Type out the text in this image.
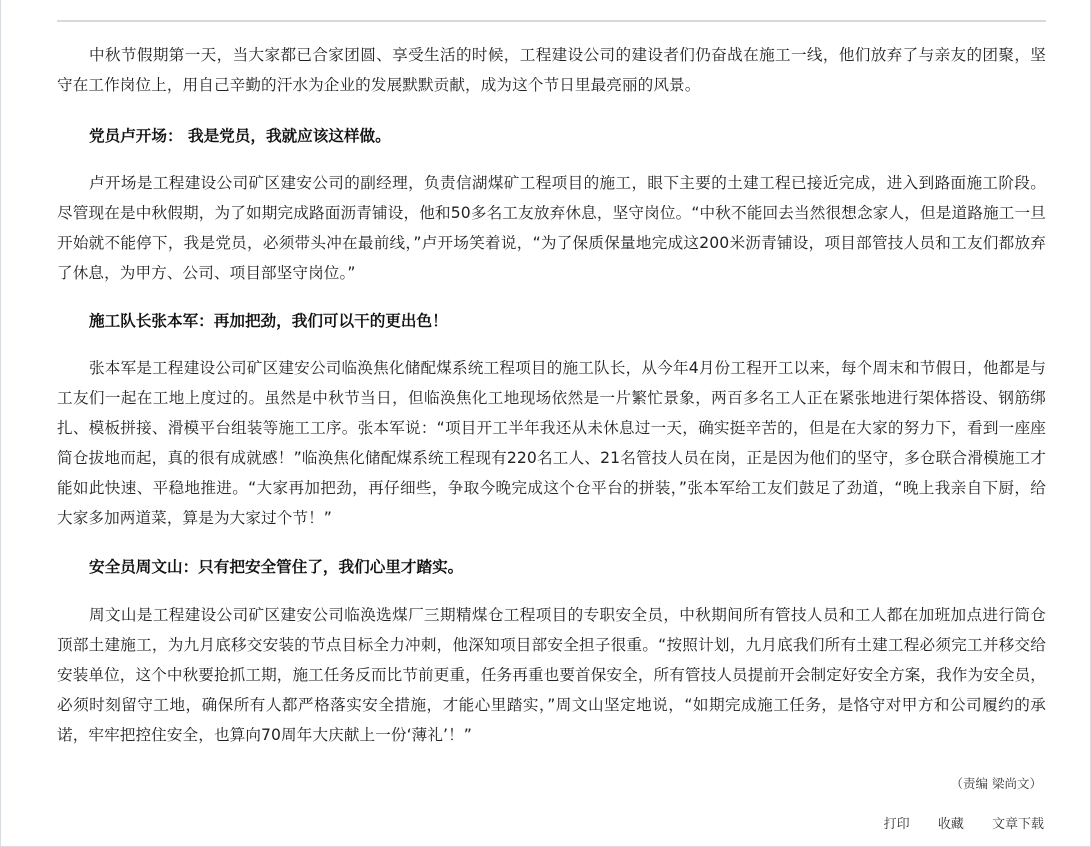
中秋节假期第一天，当大家都已合家团圆、享受生活的时候，工程建设公司的建设者们仍奋战在施工一线，他们放弃了与亲友的团聚，坚守在工作岗位上，用自己辛勤的汗水为企业的发展默默贡献，成为这个节日里最亮丽的风景。

党员卢开场： 我是党员，我就应该这样做。

卢开场是工程建设公司矿区建安公司的副经理，负责信湖煤矿工程项目的施工，眼下主要的土建工程已接近完成，进入到路面施工阶段。尽管现在是中秋假期，为了如期完成路面沥青铺设，他和50多名工友放弃休息，坚守岗位。“中秋不能回去当然很想念家人，但是道路施工一旦开始就不能停下，我是党员，必须带头冲在最前线，”卢开场笑着说，“为了保质保量地完成这200米沥青铺设，项目部管技人员和工友们都放弃了休息，为甲方、公司、项目部坚守岗位。”

施工队长张本军：再加把劲，我们可以干的更出色！

张本军是工程建设公司矿区建安公司临涣焦化储配煤系统工程项目的施工队长，从今年4月份工程开工以来，每个周末和节假日，他都是与工友们一起在工地上度过的。虽然是中秋节当日，但临涣焦化工地现场依然是一片繁忙景象，两百多名工人正在紧张地进行架体搭设、钢筋绑扎、模板拼接、滑模平台组装等施工工序。张本军说：“项目开工半年我还从未休息过一天，确实挺辛苦的，但是在大家的努力下，看到一座座简仓拔地而起，真的很有成就感！”临涣焦化储配煤系统工程现有220名工人、21名管技人员在岗，正是因为他们的坚守，多仓联合滑模施工才能如此快速、平稳地推进。“大家再加把劲，再仔细些，争取今晚完成这个仓平台的拼装，”张本军给工友们鼓足了劲道，“晚上我亲自下厨，给大家多加两道菜，算是为大家过个节！”

安全员周文山：只有把安全管住了，我们心里才踏实。

周文山是工程建设公司矿区建安公司临涣选煤厂三期精煤仓工程项目的专职安全员，中秋期间所有管技人员和工人都在加班加点进行筒仓顶部土建施工，为九月底移交安装的节点目标全力冲刺，他深知项目部安全担子很重。“按照计划，九月底我们所有土建工程必须完工并移交给安装单位，这个中秋要抢抓工期，施工任务反而比节前更重，任务再重也要首保安全，所有管技人员提前开会制定好安全方案，我作为安全员，必须时刻留守工地，确保所有人都严格落实安全措施，才能心里踏实，”周文山坚定地说，“如期完成施工任务，是恪守对甲方和公司履约的承诺，牢牢把控住安全，也算向70周年大庆献上一份‘薄礼’！”

（责编 梁尚文）
打印 收藏 文章下载
